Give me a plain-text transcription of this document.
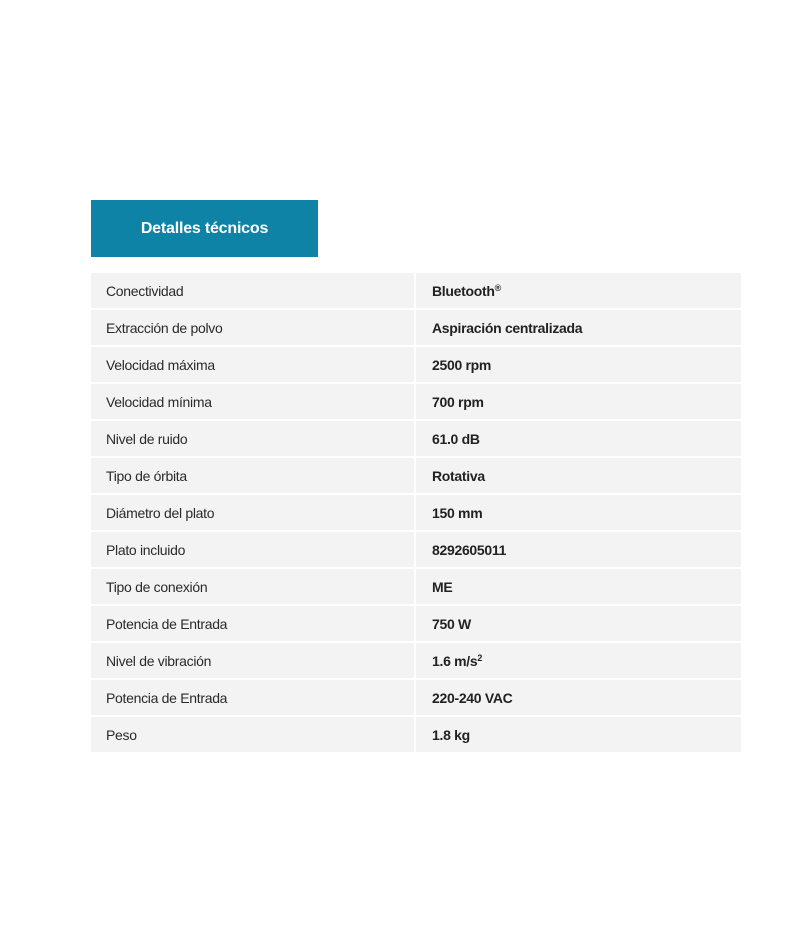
Detalles técnicos
Conectividad	Bluetooth®
Extracción de polvo	Aspiración centralizada
Velocidad máxima	2500 rpm
Velocidad mínima	700 rpm
Nivel de ruido	61.0 dB
Tipo de órbita	Rotativa
Diámetro del plato	150 mm
Plato incluido	8292605011
Tipo de conexión	ME
Potencia de Entrada	750 W
Nivel de vibración	1.6 $m/s^2$
Potencia de Entrada	220-240 VAC
Peso	1.8 kg
